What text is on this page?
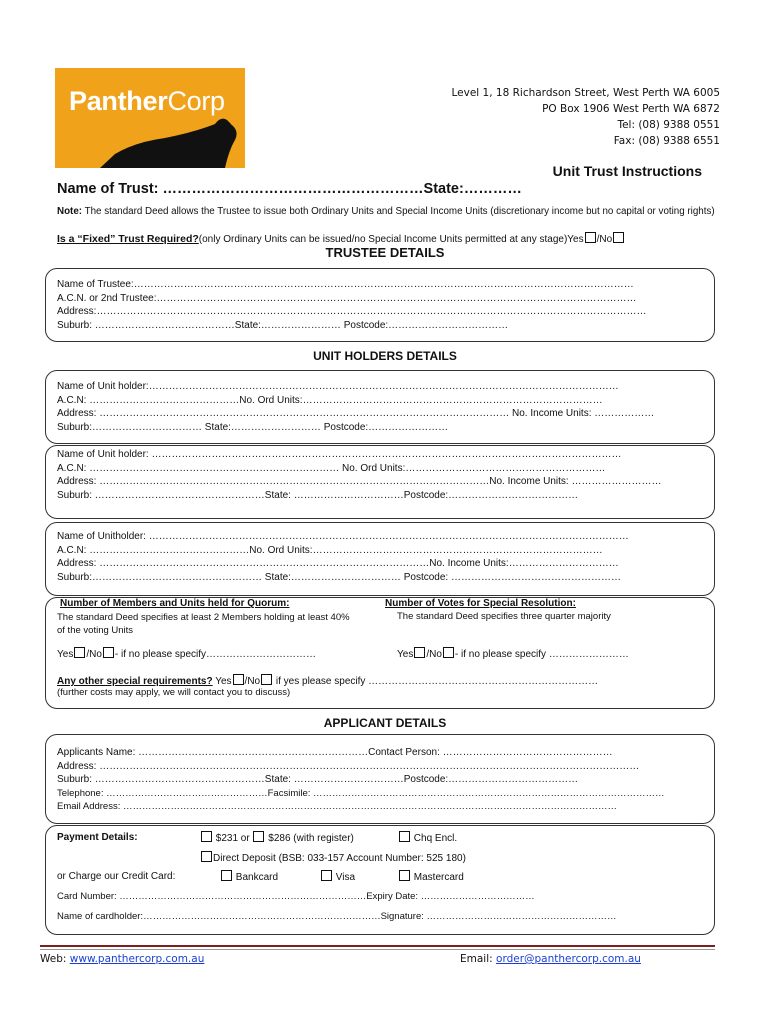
PantherCorp	Level 1, 18 Richardson Street, West Perth WA 6005
PO Box 1906 West Perth WA 6872
Tel: (08) 9388 0551
Fax: (08) 9388 6551
Unit Trust Instructions
Name of Trust: ………………………………………………State:…………
Note: The standard Deed allows the Trustee to issue both Ordinary Units and Special Income Units (discretionary income but no capital or voting rights)
Is a “Fixed” Trust Required?(only Ordinary Units can be issued/no Special Income Units permitted at any stage)Yes /No
TRUSTEE DETAILS
Name of Trustee:……………………………………………………………………………………………………………………………………
A.C.N. or 2nd Trustee:………………………………………………………………………………………………………………………………
Address:…………………………………………………………………………………………………………………………………………………
Suburb: ……………………………………State:…………………… Postcode:………………………………
UNIT HOLDERS DETAILS
Name of Unit holder:……………………………………………………………………………………………………………………………
A.C.N: ………………………………………No. Ord Units:………………………………………………………………………………
Address: …………………………………………………………………………………………………………… No. Income Units: ………………
Suburb:…………………………… State:……………………… Postcode:……………………
Name of Unit holder: ……………………………………………………………………………………………………………………………
A.C.N: ………………………………………………………………… No. Ord Units:……………………………………………………
Address: ………………………………………………………………………………………………………No. Income Units: ………………………
Suburb: ……………………………………………State: ……………………………Postcode:…………………………………
Name of Unitholder: ………………………………………………………………………………………………………………………………
A.C.N: …………………………………………No. Ord Units:……………………………………………………………………………
Address: ………………………………………………………………………………………No. Income Units:……………………………
Suburb:…………………………………………… State:…………………………… Postcode: ……………………………………………
Number of Members and Units held for Quorum:
The standard Deed specifies at least 2 Members holding at least 40% of the voting Units
Yes /No - if no please specify……………………………
Number of Votes for Special Resolution:
The standard Deed specifies three quarter majority
Yes /No - if no please specify ……………………
Any other special requirements? Yes /No if yes please specify ……………………………………………………………
(further costs may apply, we will contact you to discuss)
APPLICANT DETAILS
Applicants Name: ……………………………………………………………Contact Person: ……………………………………………
Address: ………………………………………………………………………………………………………………………………………………
Suburb: ……………………………………………State: ……………………………Postcode:…………………………………
Telephone: ……………………………………………Facsimile: …………………………………………………………………………………………………
Email Address: …………………………………………………………………………………………………………………………………………
Payment Details:	$231 or $286 (with register)	Chq Encl.
Direct Deposit (BSB: 033-157 Account Number: 525 180)
or Charge our Credit Card:	Bankcard	Visa	Mastercard
Card Number: ……………………………………………………………………Expiry Date: ………………………………
Name of cardholder:…………………………………………………………………Signature: ……………………………………………………
Web: www.panthercorp.com.au	Email: order@panthercorp.com.au
